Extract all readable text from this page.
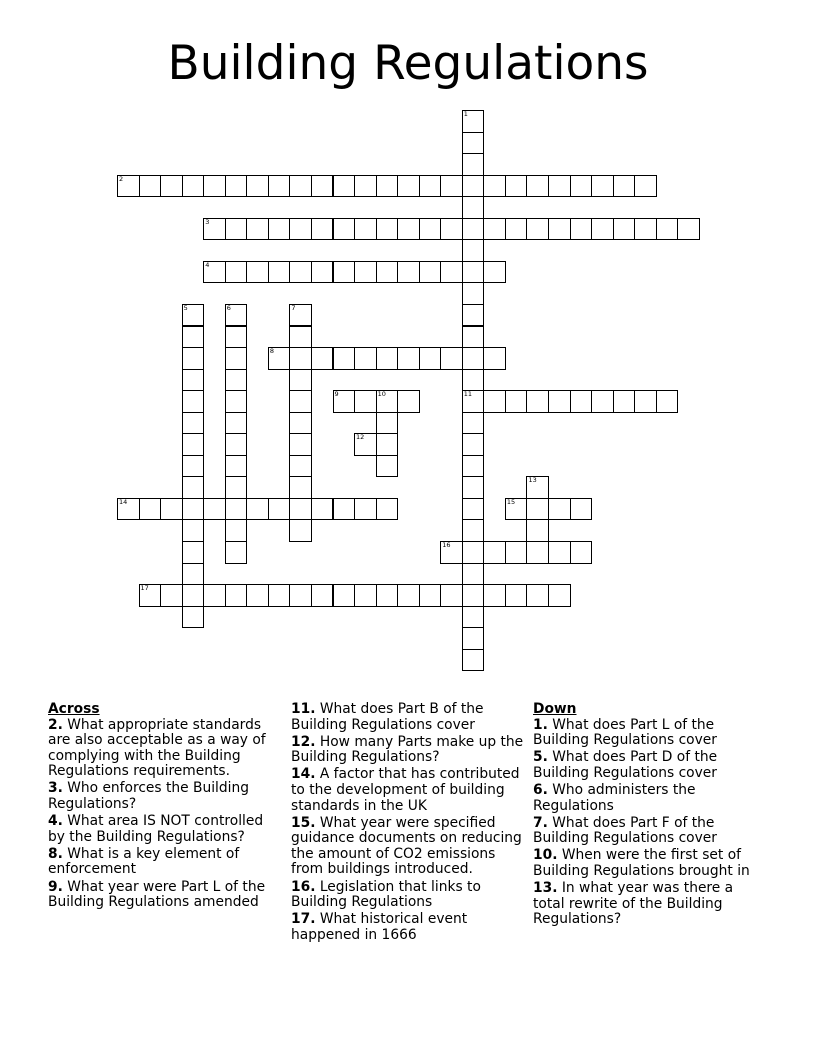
Building Regulations
1
11
2
3
4
5	6	7
8
9	10
12
13
14	15
16
17
Across
2. What appropriate standards are also acceptable as a way of complying with the Building Regulations requirements.
3. Who enforces the Building Regulations?
4. What area IS NOT controlled by the Building Regulations?
8. What is a key element of enforcement
9. What year were Part L of the Building Regulations amended
11. What does Part B of the Building Regulations cover
12. How many Parts make up the Building Regulations?
14. A factor that has contributed to the development of building standards in the UK
15. What year were specified guidance documents on reducing the amount of CO2 emissions from buildings introduced.
16. Legislation that links to Building Regulations
17. What historical event happened in 1666
Down
1. What does Part L of the Building Regulations cover
5. What does Part D of the Building Regulations cover
6. Who administers the Regulations
7. What does Part F of the Building Regulations cover
10. When were the first set of Building Regulations brought in
13. In what year was there a total rewrite of the Building Regulations?
